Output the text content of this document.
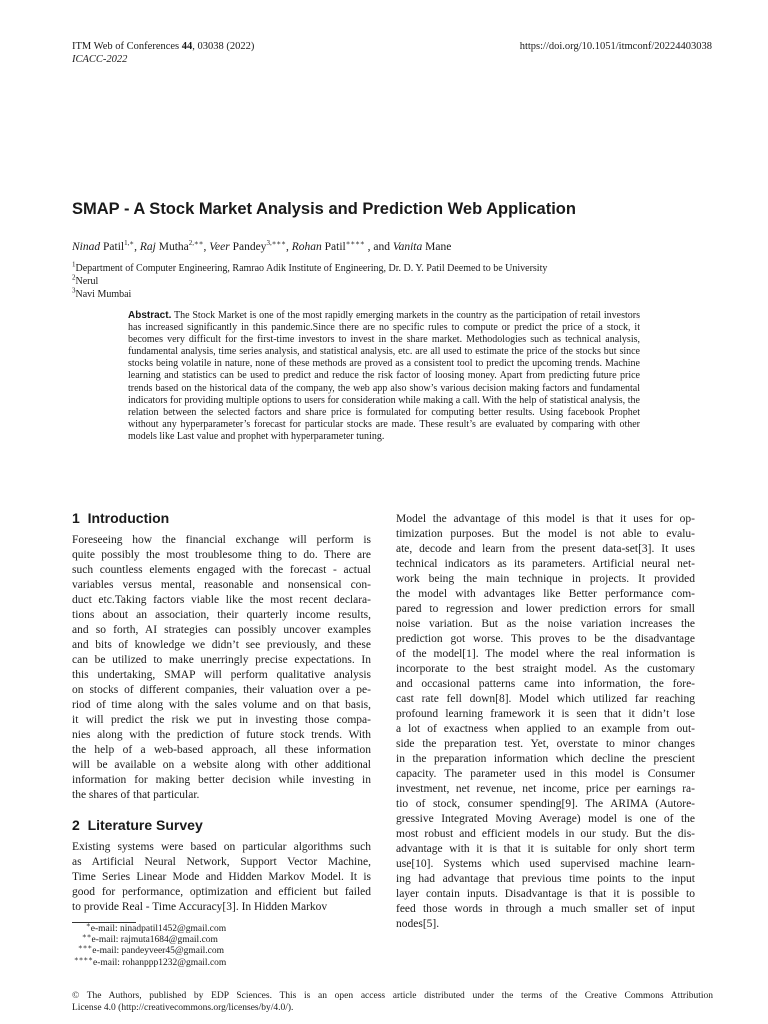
ITM Web of Conferences 44, 03038 (2022)
ICACC-2022
https://doi.org/10.1051/itmconf/20224403038
SMAP - A Stock Market Analysis and Prediction Web Application
Ninad Patil$^{1,∗}$, Raj Mutha$^{2,∗∗}$, Veer Pandey$^{3,∗∗∗}$, Rohan Patil∗∗∗∗ , and Vanita Mane
$^1$Department of Computer Engineering, Ramrao Adik Institute of Engineering, Dr. D. Y. Patil Deemed to be University
$^2$Nerul
$^3$Navi Mumbai
Abstract. The Stock Market is one of the most rapidly emerging markets in the country as the participation of retail investors has increased significantly in this pandemic.Since there are no specific rules to compute or predict the price of a stock, it becomes very difficult for the first-time investors to invest in the share market. Methodologies such as technical analysis, fundamental analysis, time series analysis, and statistical analysis, etc. are all used to estimate the price of the stocks but since stocks being volatile in nature, none of these methods are proved as a consistent tool to predict the upcoming trends. Machine learning and statistics can be used to predict and reduce the risk factor of loosing money. Apart from predicting future price trends based on the historical data of the company, the web app also show’s various decision making factors and fundamental indicators for providing multiple options to users for consideration while making a call. With the help of statistical analysis, the relation between the selected factors and share price is formulated for computing better results. Using facebook Prophet without any hyperparameter’s forecast for particular stocks are made. These result’s are evaluated by comparing with other models like Last value and prophet with hyperparameter tuning.
1 Introduction
Foreseeing how the financial exchange will perform is
quite possibly the most troublesome thing to do. There are
such countless elements engaged with the forecast - actual
variables versus mental, reasonable and nonsensical con-
duct etc.Taking factors viable like the most recent declara-
tions about an association, their quarterly income results,
and so forth, AI strategies can possibly uncover examples
and bits of knowledge we didn’t see previously, and these
can be utilized to make unerringly precise expectations. In
this undertaking, SMAP will perform qualitative analysis
on stocks of different companies, their valuation over a pe-
riod of time along with the sales volume and on that basis,
it will predict the risk we put in investing those compa-
nies along with the prediction of future stock trends. With
the help of a web-based approach, all these information
will be available on a website along with other additional
information for making better decision while investing in
the shares of that particular.
2 Literature Survey
Existing systems were based on particular algorithms such
as Artificial Neural Network, Support Vector Machine,
Time Series Linear Mode and Hidden Markov Model. It is
good for performance, optimization and efficient but failed
to provide Real - Time Accuracy[3]. In Hidden Markov
Model the advantage of this model is that it uses for op-
timization purposes. But the model is not able to evalu-
ate, decode and learn from the present data-set[3]. It uses
technical indicators as its parameters. Artificial neural net-
work being the main technique in projects. It provided
the model with advantages like Better performance com-
pared to regression and lower prediction errors for small
noise variation. But as the noise variation increases the
prediction got worse. This proves to be the disadvantage
of the model[1]. The model where the real information is
incorporate to the best straight model. As the customary
and occasional patterns came into information, the fore-
cast rate fell down[8]. Model which utilized far reaching
profound learning framework it is seen that it didn’t lose
a lot of exactness when applied to an example from out-
side the preparation test. Yet, overstate to minor changes
in the preparation information which decline the prescient
capacity. The parameter used in this model is Consumer
investment, net revenue, net income, price per earnings ra-
tio of stock, consumer spending[9]. The ARIMA (Autore-
gressive Integrated Moving Average) model is one of the
most robust and efficient models in our study. But the dis-
advantage with it is that it is suitable for only short term
use[10]. Systems which used supervised machine learn-
ing had advantage that previous time points to the input
layer contain inputs. Disadvantage is that it is possible to
feed those words in through a much smaller set of input
nodes[5].
∗e-mail: ninadpatil1452@gmail.com
∗∗e-mail: rajmuta1684@gmail.com
∗∗∗e-mail: pandeyveer45@gmail.com
∗∗∗∗e-mail: rohanppp1232@gmail.com
© The Authors, published by EDP Sciences. This is an open access article distributed under the terms of the Creative Commons Attribution
License 4.0 (http://creativecommons.org/licenses/by/4.0/).
